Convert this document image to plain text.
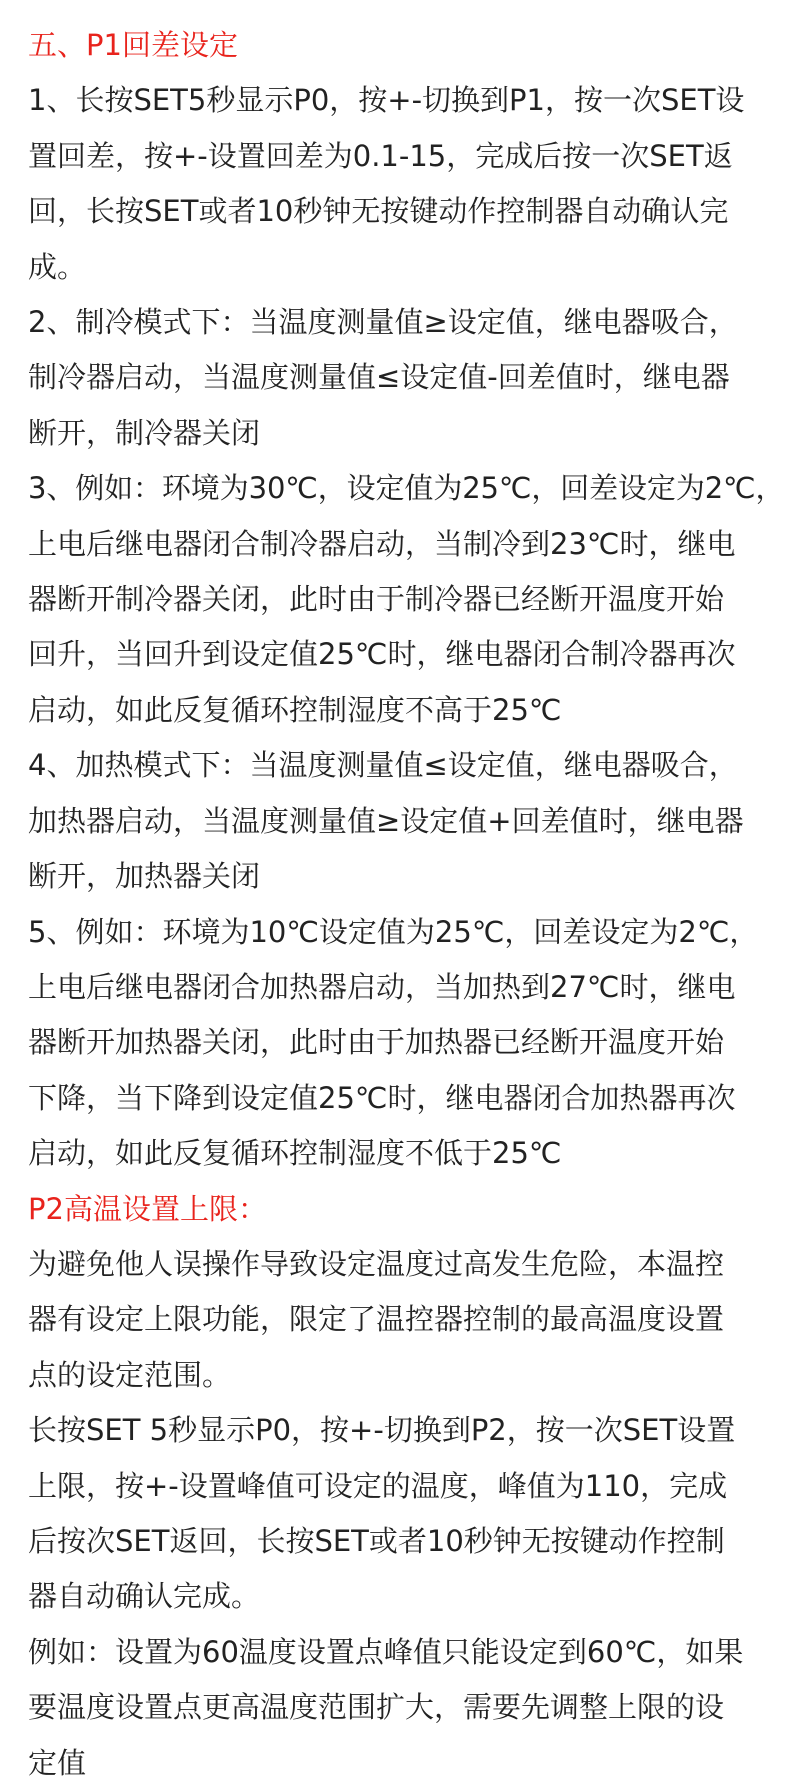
五、P1回差设定

1、长按SET5秒显示P0，按+-切换到P1，按一次SET设
置回差，按+-设置回差为0.1-15，完成后按一次SET返
回，长按SET或者10秒钟无按键动作控制器自动确认完
成。

2、制冷模式下：当温度测量值≥设定值，继电器吸合，
制冷器启动，当温度测量值≤设定值-回差值时，继电器
断开，制冷器关闭

3、例如：环境为30℃，设定值为25℃，回差设定为2℃，
上电后继电器闭合制冷器启动，当制冷到23℃时，继电
器断开制冷器关闭，此时由于制冷器已经断开温度开始
回升，当回升到设定值25℃时，继电器闭合制冷器再次
启动，如此反复循环控制湿度不高于25℃

4、加热模式下：当温度测量值≤设定值，继电器吸合，
加热器启动，当温度测量值≥设定值+回差值时，继电器
断开，加热器关闭

5、例如：环境为10℃设定值为25℃，回差设定为2℃，
上电后继电器闭合加热器启动，当加热到27℃时，继电
器断开加热器关闭，此时由于加热器已经断开温度开始
下降，当下降到设定值25℃时，继电器闭合加热器再次
启动，如此反复循环控制湿度不低于25℃

P2高温设置上限：

为避免他人误操作导致设定温度过高发生危险，本温控
器有设定上限功能，限定了温控器控制的最高温度设置
点的设定范围。

长按SET 5秒显示P0，按+-切换到P2，按一次SET设置
上限，按+-设置峰值可设定的温度，峰值为110，完成
后按次SET返回，长按SET或者10秒钟无按键动作控制
器自动确认完成。

例如：设置为60温度设置点峰值只能设定到60℃，如果
要温度设置点更高温度范围扩大，需要先调整上限的设
定值
